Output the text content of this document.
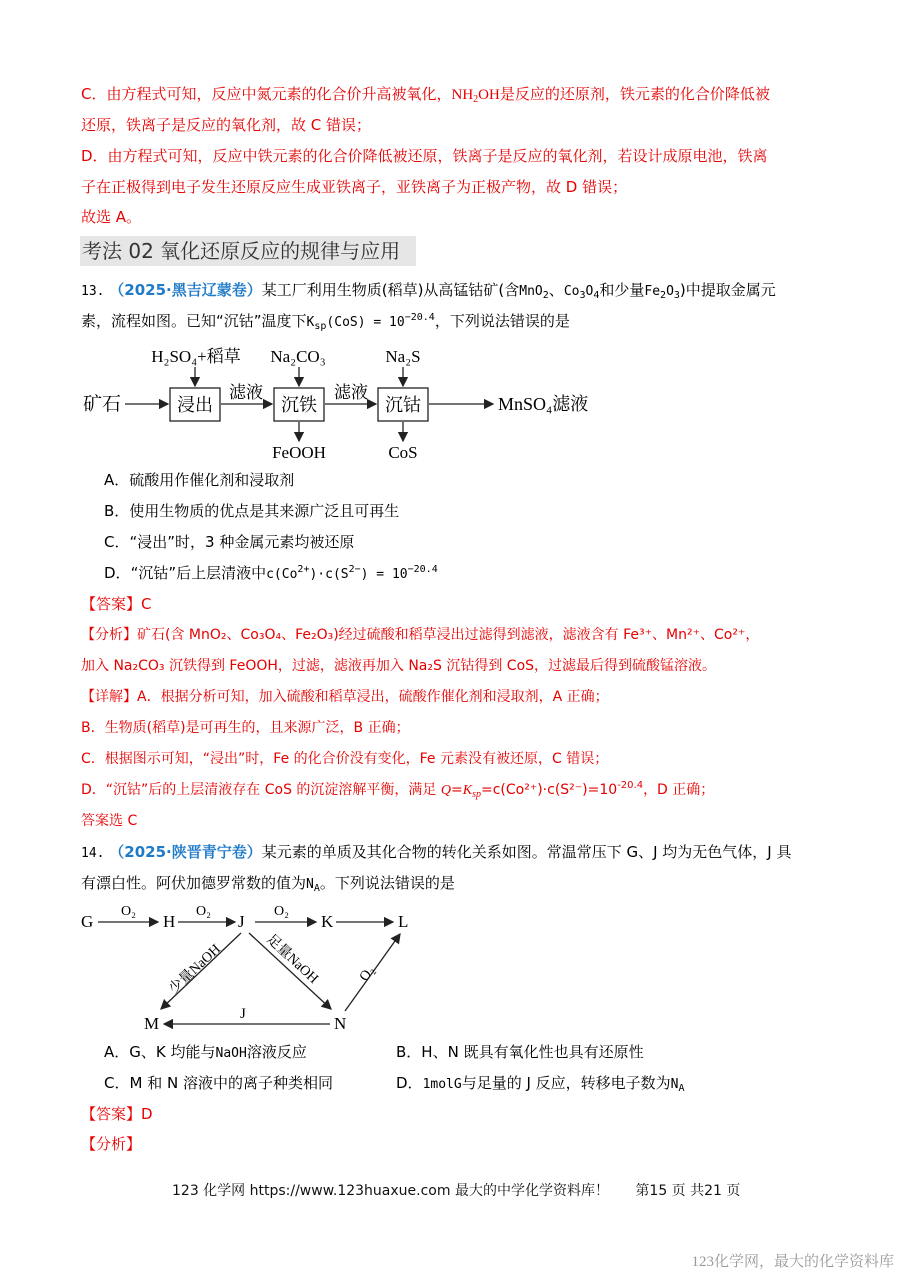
C．由方程式可知，反应中氮元素的化合价升高被氧化，$NH_2OH$是反应的还原剂，铁元素的化合价降低被
还原，铁离子是反应的氧化剂，故 C 错误；
D．由方程式可知，反应中铁元素的化合价降低被还原，铁离子是反应的氧化剂，若设计成原电池，铁离
子在正极得到电子发生还原反应生成亚铁离子，亚铁离子为正极产物，故 D 错误；
故选 A。
考法 02 氧化还原反应的规律与应用
13. （2025·黑吉辽蒙卷）某工厂利用生物质(稻草)从高锰钴矿(含MnO$_2$、$Co_3O_4$和少量$Fe_2O_3$)中提取金属元
素，流程如图。已知“沉钴”温度下$K_{sp}(CoS) = 10^{-20.4}$，下列说法错误的是
矿石	浸出
H₂SO₄+稻草
滤液
沉铁
Na₂CO₃
FeOOH
滤液
沉钴
Na₂S
CoS
MnSO₄滤液
A．硫酸用作催化剂和浸取剂
B．使用生物质的优点是其来源广泛且可再生
C．“浸出”时，3 种金属元素均被还原
D．“沉钴”后上层清液中$c(Co^{2+})\cdot c(S^{2-}) = 10^{-20.4}$
【答案】C
【分析】矿石(含 MnO₂、Co₃O₄、Fe₂O₃)经过硫酸和稻草浸出过滤得到滤液，滤液含有 Fe³⁺、Mn²⁺、Co²⁺，
加入 Na₂CO₃ 沉铁得到 FeOOH，过滤，滤液再加入 Na₂S 沉钴得到 CoS，过滤最后得到硫酸锰溶液。
【详解】A．根据分析可知，加入硫酸和稻草浸出，硫酸作催化剂和浸取剂，A 正确；
B．生物质(稻草)是可再生的，且来源广泛，B 正确；
C．根据图示可知，“浸出”时，Fe 的化合价没有变化，Fe 元素没有被还原，C 错误；
D．“沉钴”后的上层清液存在 CoS 的沉淀溶解平衡，满足 $Q=K_{sp}=c(Co^{2+})\cdot c(S^{2-})=10^{-20.4}$，D 正确；
答案选 C
14. （2025·陕晋青宁卷）某元素的单质及其化合物的转化关系如图。常温常压下 G、J 均为无色气体，J 具
有漂白性。阿伏加德罗常数的值为$N_A$。下列说法错误的是
G	H	J	K	L
M	N
O₂	O₂	O₂
少量NaOH	足量NaOH	O₂
J
A．G、K 均能与NaOH溶液反应	B．H、N 既具有氧化性也具有还原性
C．M 和 N 溶液中的离子种类相同	D．1molG与足量的 J 反应，转移电子数为$N_A$
【答案】D
【分析】
123 化学网 https://www.123huaxue.com 最大的中学化学资料库！ 第15 页 共21 页
123化学网，最大的化学资料库
